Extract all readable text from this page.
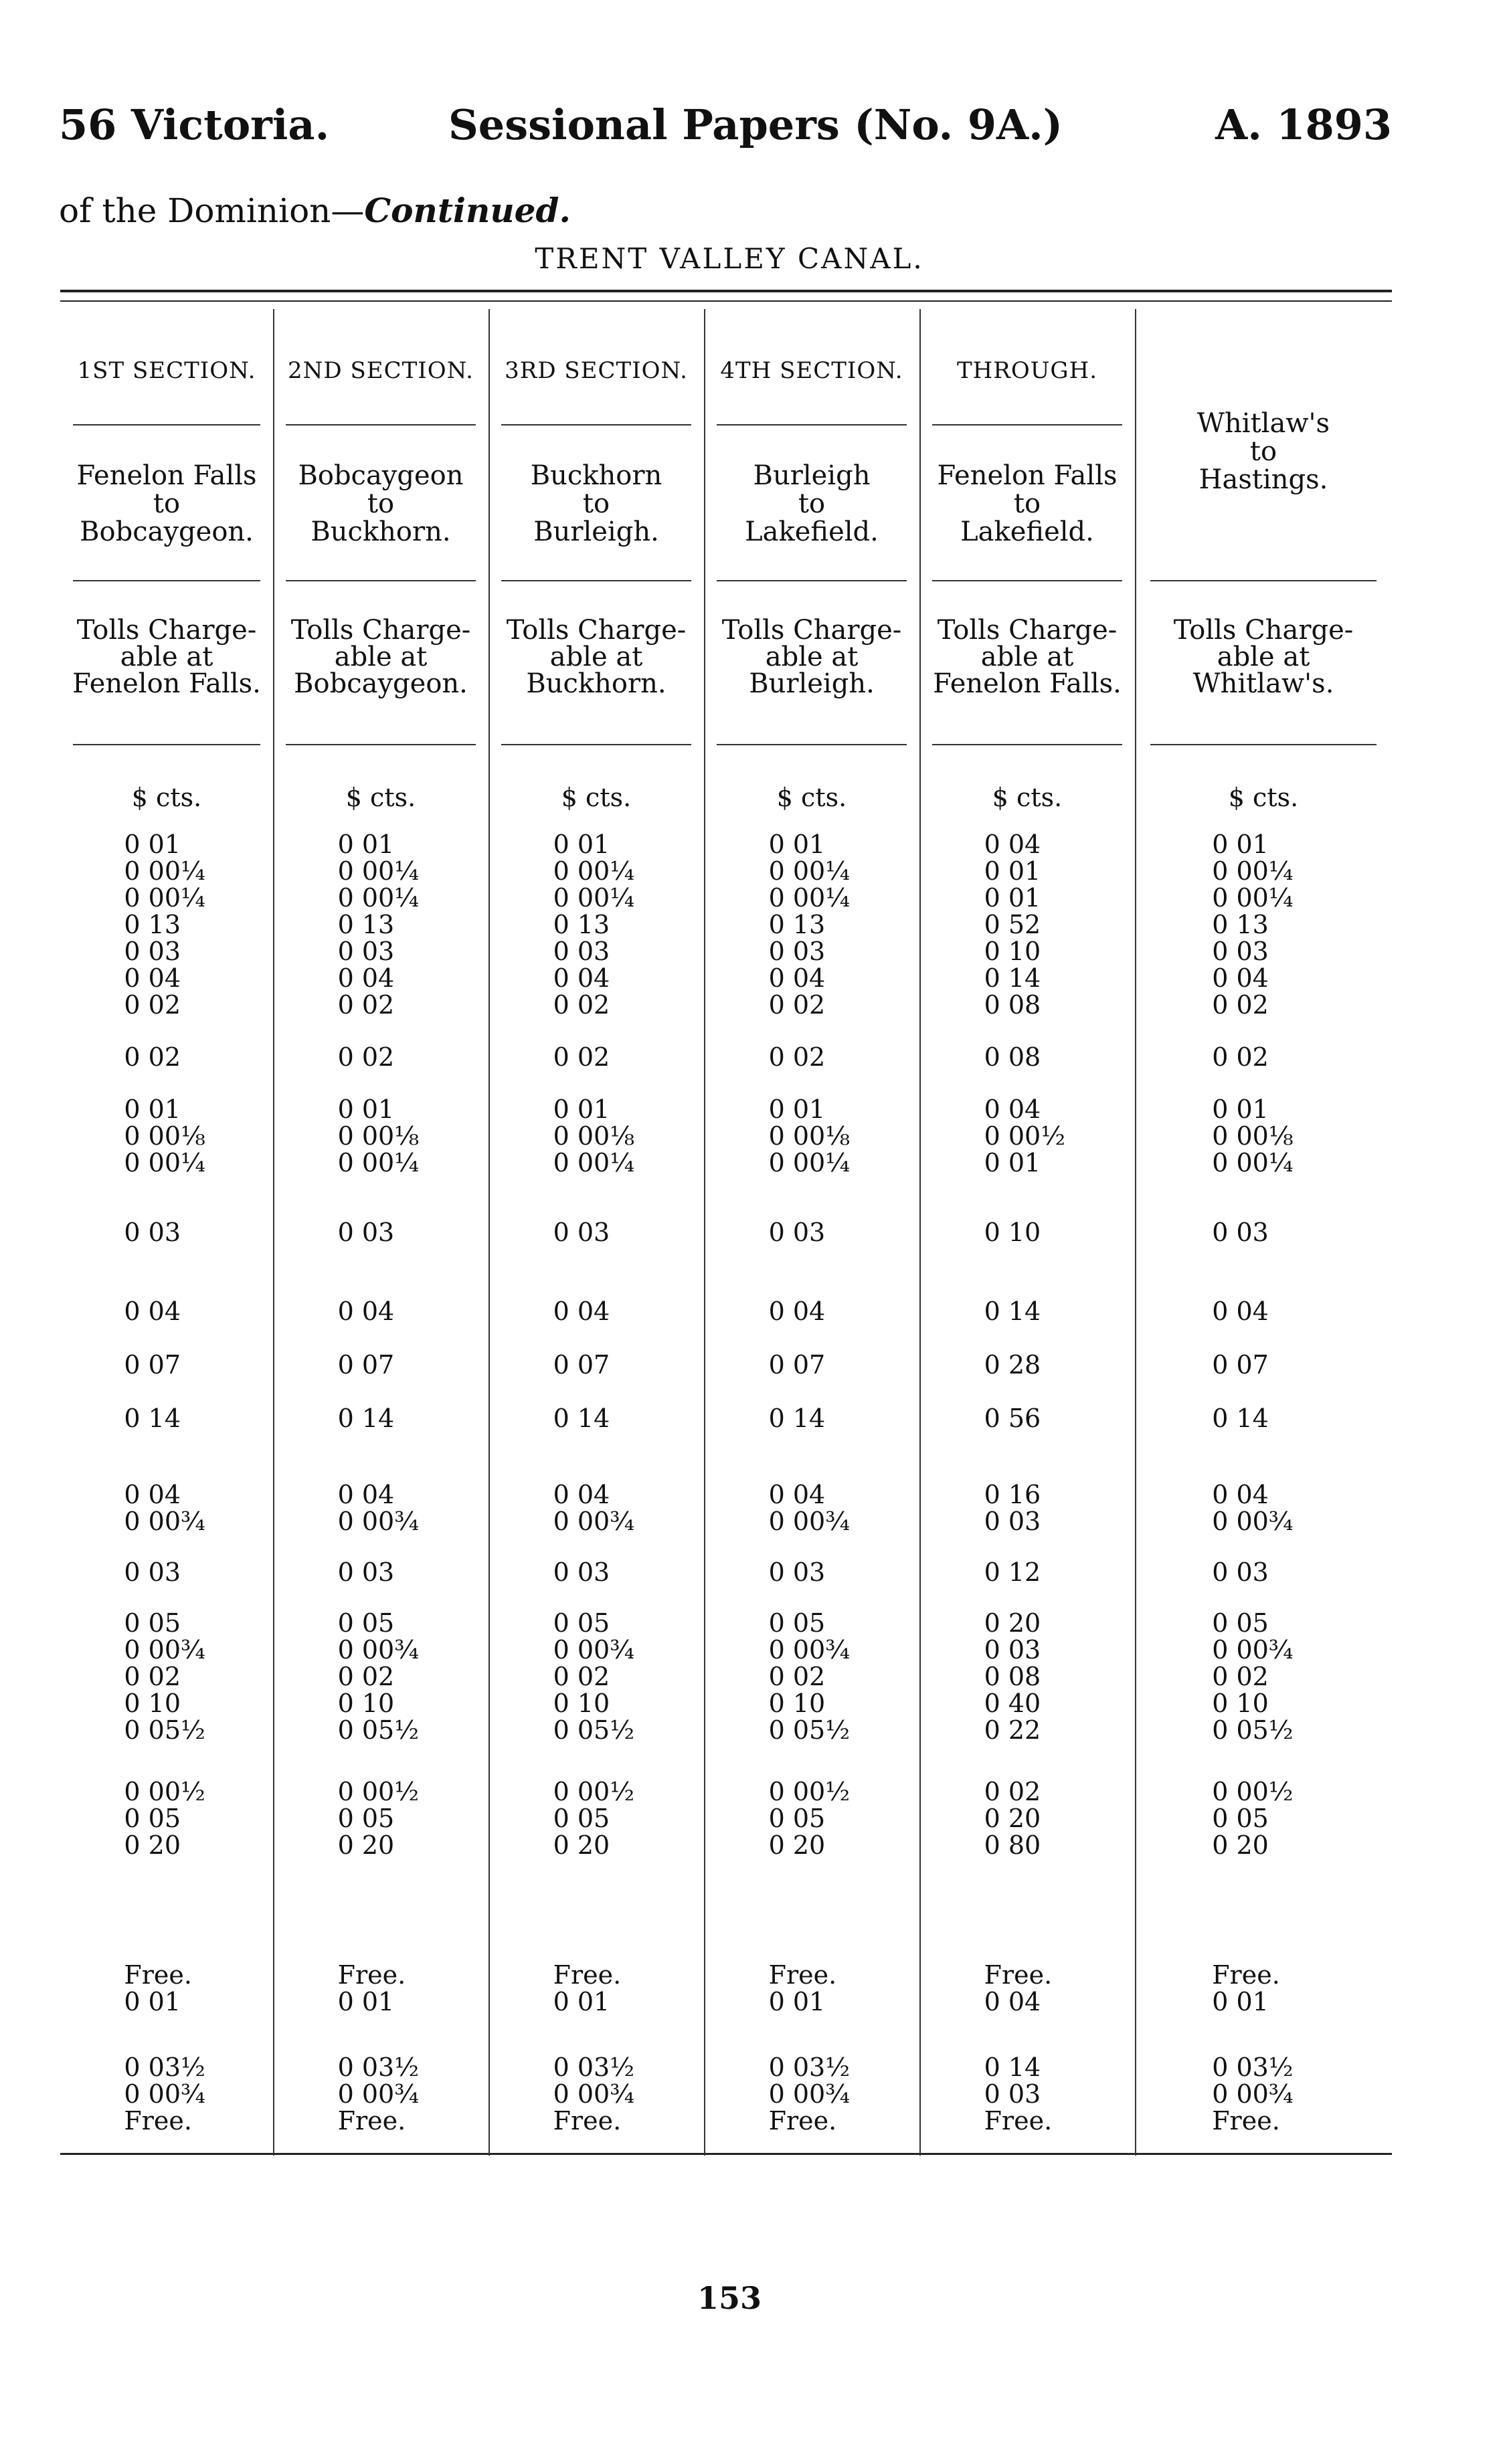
56 Victoria.	Sessional Papers (No. 9A.)	A. 1893
of the Dominion—Continued.
TRENT VALLEY CANAL.
1ST SECTION.
Fenelon Falls
to
Bobcaygeon.
Tolls Charge-
able at
Fenelon Falls.
$ cts.
0 01
0 00¼
0 00¼
0 13
0 03
0 04
0 02
0 02
0 01
0 00⅛
0 00¼
0 03
0 04
0 07
0 14
0 04
0 00¾
0 03
0 05
0 00¾
0 02
0 10
0 05½
0 00½
0 05
0 20
Free.
0 01
0 03½
0 00¾
Free.
2ND SECTION.
Bobcaygeon
to
Buckhorn.
Tolls Charge-
able at
Bobcaygeon.
$ cts.
0 01
0 00¼
0 00¼
0 13
0 03
0 04
0 02
0 02
0 01
0 00⅛
0 00¼
0 03
0 04
0 07
0 14
0 04
0 00¾
0 03
0 05
0 00¾
0 02
0 10
0 05½
0 00½
0 05
0 20
Free.
0 01
0 03½
0 00¾
Free.
3RD SECTION.
Buckhorn
to
Burleigh.
Tolls Charge-
able at
Buckhorn.
$ cts.
0 01
0 00¼
0 00¼
0 13
0 03
0 04
0 02
0 02
0 01
0 00⅛
0 00¼
0 03
0 04
0 07
0 14
0 04
0 00¾
0 03
0 05
0 00¾
0 02
0 10
0 05½
0 00½
0 05
0 20
Free.
0 01
0 03½
0 00¾
Free.
4TH SECTION.
Burleigh
to
Lakefield.
Tolls Charge-
able at
Burleigh.
$ cts.
0 01
0 00¼
0 00¼
0 13
0 03
0 04
0 02
0 02
0 01
0 00⅛
0 00¼
0 03
0 04
0 07
0 14
0 04
0 00¾
0 03
0 05
0 00¾
0 02
0 10
0 05½
0 00½
0 05
0 20
Free.
0 01
0 03½
0 00¾
Free.
THROUGH.
Fenelon Falls
to
Lakefield.
Tolls Charge-
able at
Fenelon Falls.
$ cts.
0 04
0 01
0 01
0 52
0 10
0 14
0 08
0 08
0 04
0 00½
0 01
0 10
0 14
0 28
0 56
0 16
0 03
0 12
0 20
0 03
0 08
0 40
0 22
0 02
0 20
0 80
Free.
0 04
0 14
0 03
Free.
Whitlaw's
to
Hastings.
Tolls Charge-
able at
Whitlaw's.
$ cts.
0 01
0 00¼
0 00¼
0 13
0 03
0 04
0 02
0 02
0 01
0 00⅛
0 00¼
0 03
0 04
0 07
0 14
0 04
0 00¾
0 03
0 05
0 00¾
0 02
0 10
0 05½
0 00½
0 05
0 20
Free.
0 01
0 03½
0 00¾
Free.
153
